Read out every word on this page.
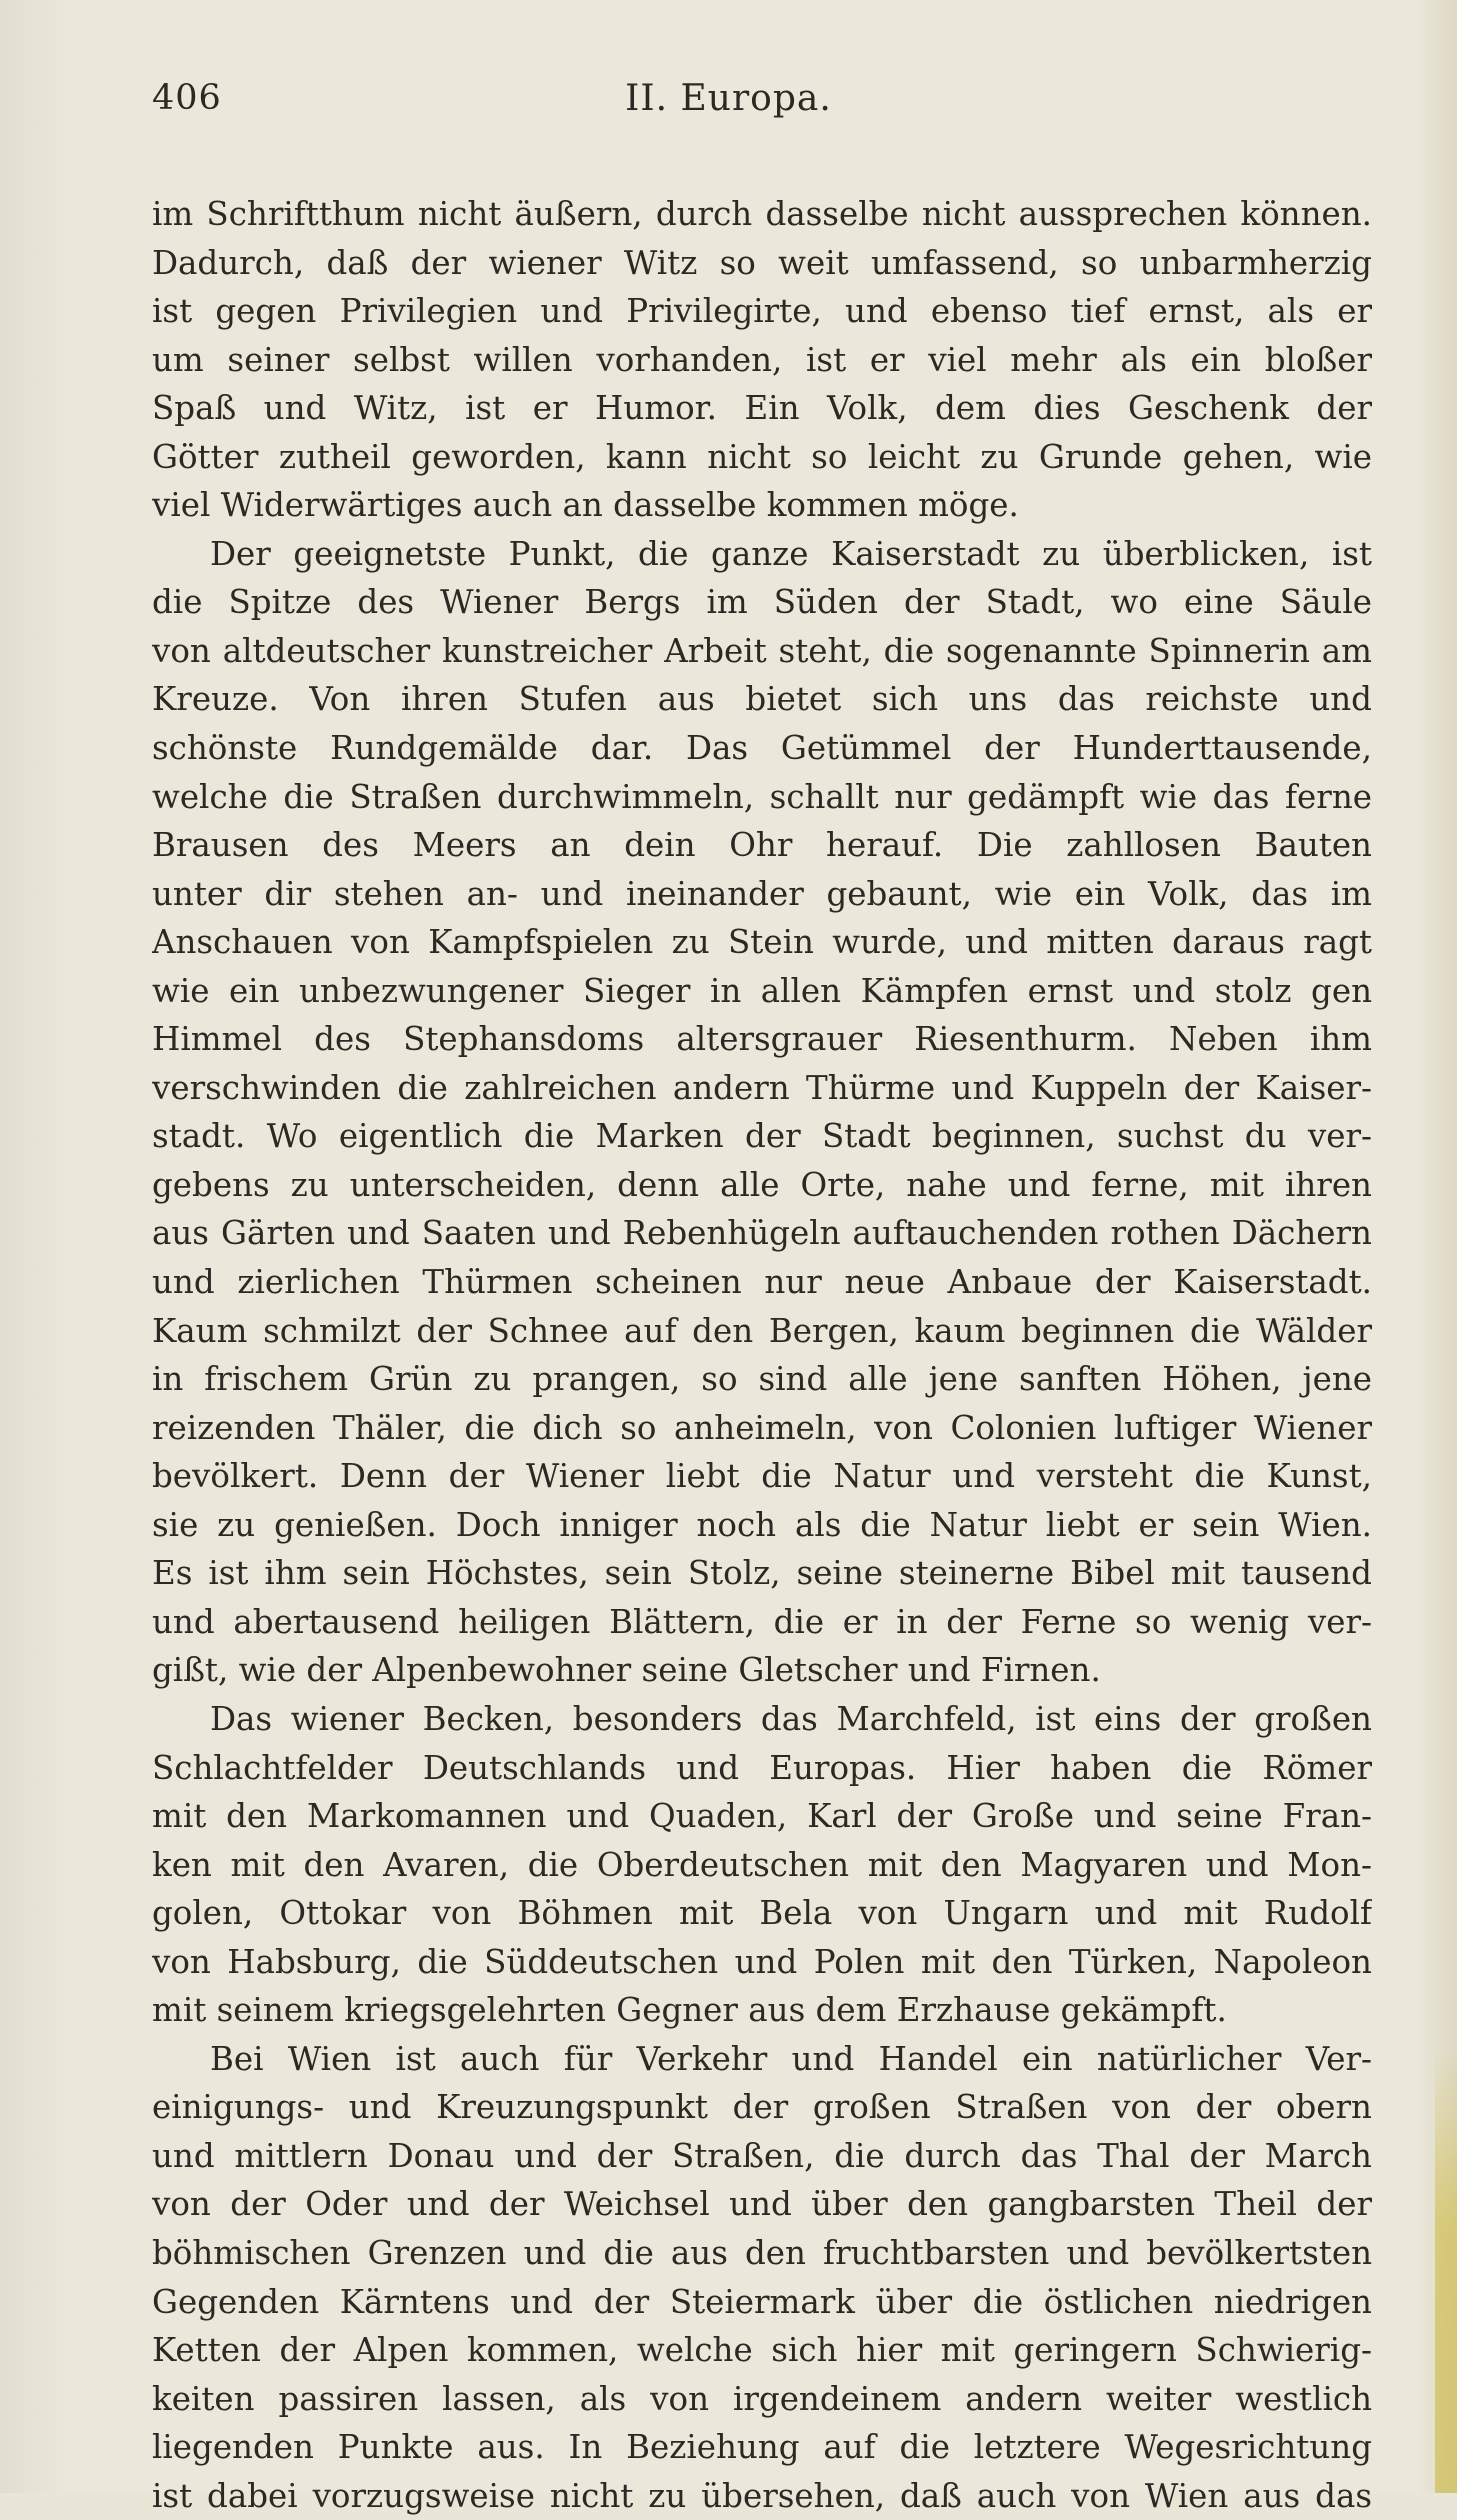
406	II. Europa.
im Schriftthum nicht äußern, durch dasselbe nicht aussprechen können.
Dadurch, daß der wiener Witz so weit umfassend, so unbarmherzig
ist gegen Privilegien und Privilegirte, und ebenso tief ernst, als er
um seiner selbst willen vorhanden, ist er viel mehr als ein bloßer
Spaß und Witz, ist er Humor. Ein Volk, dem dies Geschenk der
Götter zutheil geworden, kann nicht so leicht zu Grunde gehen, wie
viel Widerwärtiges auch an dasselbe kommen möge.
Der geeignetste Punkt, die ganze Kaiserstadt zu überblicken, ist
die Spitze des Wiener Bergs im Süden der Stadt, wo eine Säule
von altdeutscher kunstreicher Arbeit steht, die sogenannte Spinnerin am
Kreuze. Von ihren Stufen aus bietet sich uns das reichste und
schönste Rundgemälde dar. Das Getümmel der Hunderttausende,
welche die Straßen durchwimmeln, schallt nur gedämpft wie das ferne
Brausen des Meers an dein Ohr herauf. Die zahllosen Bauten
unter dir stehen an- und ineinander gebaunt, wie ein Volk, das im
Anschauen von Kampfspielen zu Stein wurde, und mitten daraus ragt
wie ein unbezwungener Sieger in allen Kämpfen ernst und stolz gen
Himmel des Stephansdoms altersgrauer Riesenthurm. Neben ihm
verschwinden die zahlreichen andern Thürme und Kuppeln der Kaiser-
stadt. Wo eigentlich die Marken der Stadt beginnen, suchst du ver-
gebens zu unterscheiden, denn alle Orte, nahe und ferne, mit ihren
aus Gärten und Saaten und Rebenhügeln auftauchenden rothen Dächern
und zierlichen Thürmen scheinen nur neue Anbaue der Kaiserstadt.
Kaum schmilzt der Schnee auf den Bergen, kaum beginnen die Wälder
in frischem Grün zu prangen, so sind alle jene sanften Höhen, jene
reizenden Thäler, die dich so anheimeln, von Colonien luftiger Wiener
bevölkert. Denn der Wiener liebt die Natur und versteht die Kunst,
sie zu genießen. Doch inniger noch als die Natur liebt er sein Wien.
Es ist ihm sein Höchstes, sein Stolz, seine steinerne Bibel mit tausend
und abertausend heiligen Blättern, die er in der Ferne so wenig ver-
gißt, wie der Alpenbewohner seine Gletscher und Firnen.
Das wiener Becken, besonders das Marchfeld, ist eins der großen
Schlachtfelder Deutschlands und Europas. Hier haben die Römer
mit den Markomannen und Quaden, Karl der Große und seine Fran-
ken mit den Avaren, die Oberdeutschen mit den Magyaren und Mon-
golen, Ottokar von Böhmen mit Bela von Ungarn und mit Rudolf
von Habsburg, die Süddeutschen und Polen mit den Türken, Napoleon
mit seinem kriegsgelehrten Gegner aus dem Erzhause gekämpft.
Bei Wien ist auch für Verkehr und Handel ein natürlicher Ver-
einigungs- und Kreuzungspunkt der großen Straßen von der obern
und mittlern Donau und der Straßen, die durch das Thal der March
von der Oder und der Weichsel und über den gangbarsten Theil der
böhmischen Grenzen und die aus den fruchtbarsten und bevölkertsten
Gegenden Kärntens und der Steiermark über die östlichen niedrigen
Ketten der Alpen kommen, welche sich hier mit geringern Schwierig-
keiten passiren lassen, als von irgendeinem andern weiter westlich
liegenden Punkte aus. In Beziehung auf die letztere Wegesrichtung
ist dabei vorzugsweise nicht zu übersehen, daß auch von Wien aus das
